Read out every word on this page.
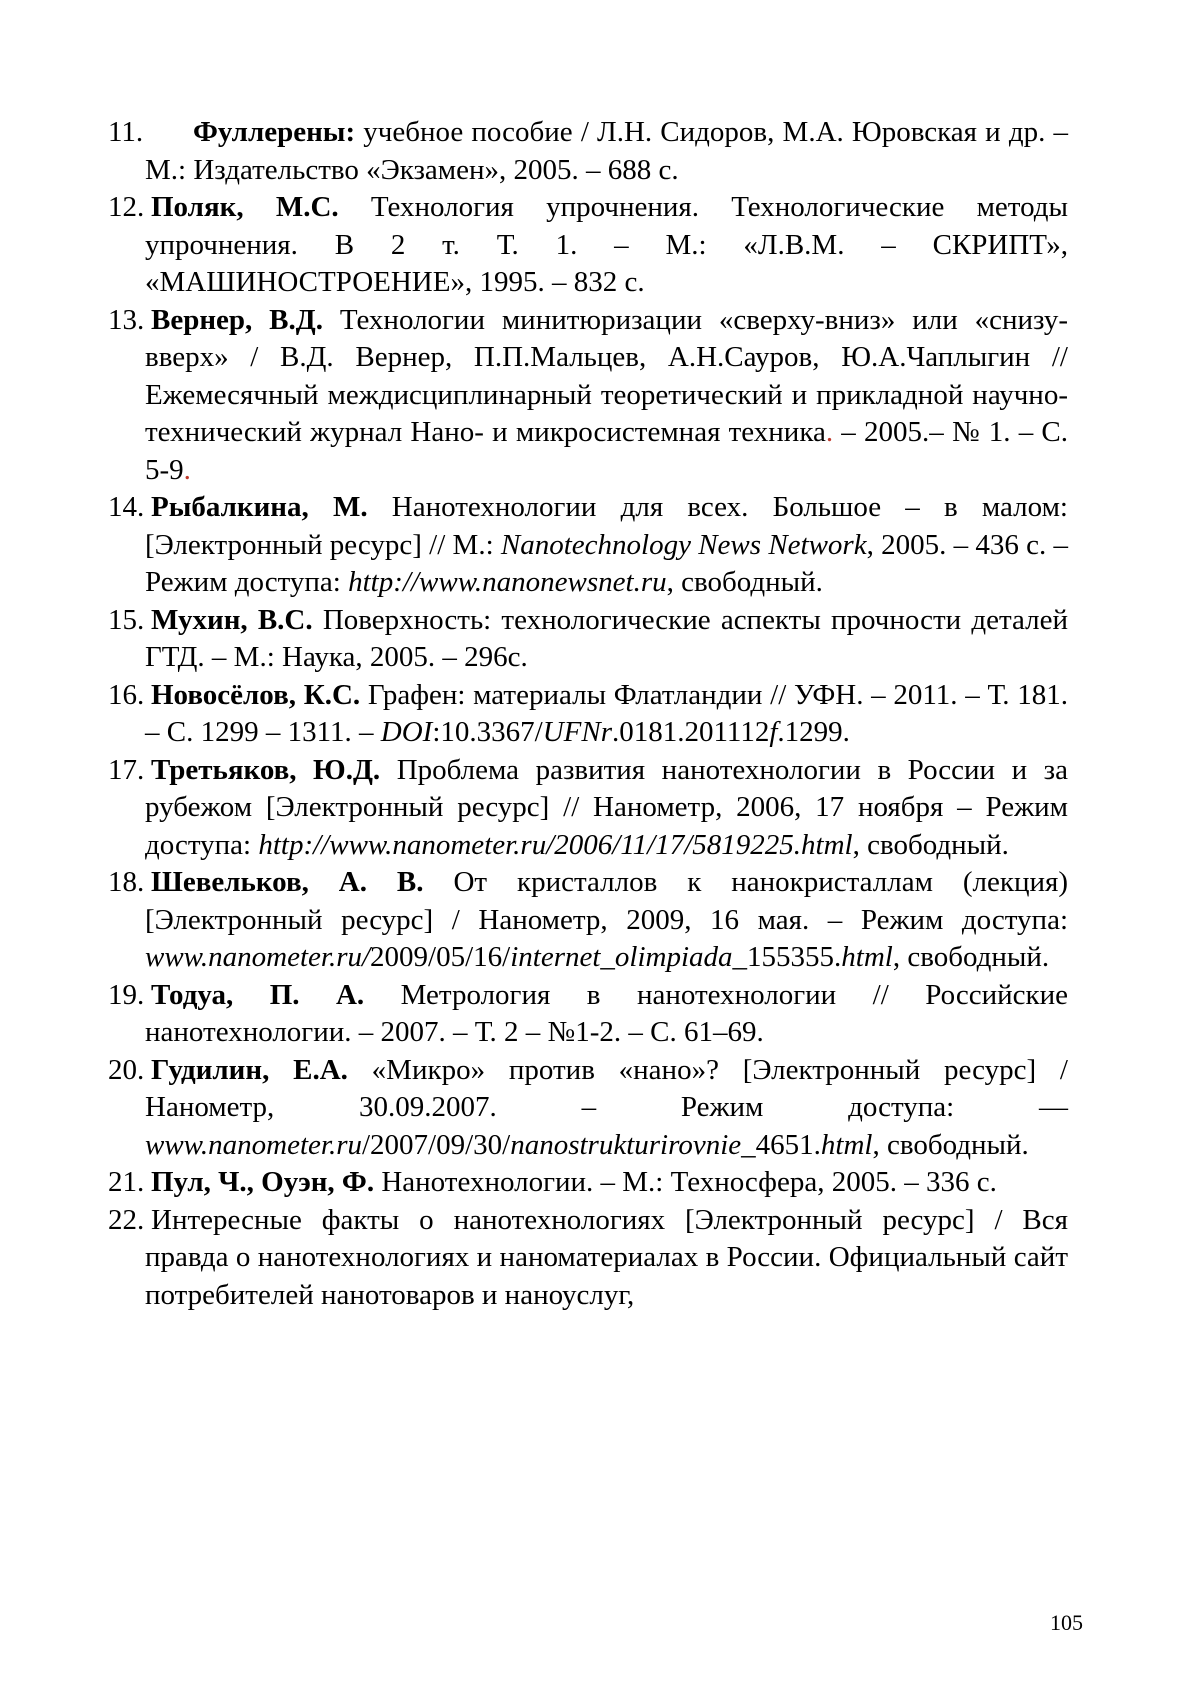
11. Фуллерены: учебное пособие / Л.Н. Сидоров, М.А. Юровская и др. – М.: Издательство «Экзамен», 2005. – 688 с.
12. Поляк, М.С. Технология упрочнения. Технологические методы упрочнения. В 2 т. Т. 1. – М.: «Л.В.М. – СКРИПТ», «МАШИНОСТРОЕНИЕ», 1995. – 832 с.
13. Вернер, В.Д. Технологии минитюризации «сверху-вниз» или «снизу-вверх» / В.Д. Вернер, П.П.Мальцев, А.Н.Сауров, Ю.А.Чаплыгин // Ежемесячный междисциплинарный теоретический и прикладной научно-технический журнал Нано- и микросистемная техника. – 2005.– № 1. – С. 5-9.
14. Рыбалкина, М. Нанотехнологии для всех. Большое – в малом: [Электронный ресурс] // М.: Nanotechnology News Network, 2005. – 436 с. – Режим доступа: http://www.nanonewsnet.ru, свободный.
15. Мухин, В.С. Поверхность: технологические аспекты прочности деталей ГТД. – М.: Наука, 2005. – 296с.
16. Новосёлов, К.С. Графен: материалы Флатландии // УФН. – 2011. – Т. 181. – С. 1299 – 1311. – DOI:10.3367/UFNr.0181.201112f.1299.
17. Третьяков, Ю.Д. Проблема развития нанотехнологии в России и за рубежом [Электронный ресурс] // Нанометр, 2006, 17 ноября – Режим доступа: http://www.nanometer.ru/2006/11/17/5819225.html, свободный.
18. Шевельков, А. В. От кристаллов к нанокристаллам (лекция) [Электронный ресурс] / Нанометр, 2009, 16 мая. – Режим доступа: www.nanometer.ru/2009/05/16/internet_olimpiada_155355.html, свободный.
19. Тодуа, П. А. Метрология в нанотехнологии // Российские нанотехнологии. – 2007. – Т. 2 – №1-2. – С. 61–69.
20. Гудилин, Е.А. «Микро» против «нано»? [Электронный ресурс] / Нанометр, 30.09.2007. – Режим доступа: — www.nanometer.ru/2007/09/30/nanostrukturirovnie_4651.html, свободный.
21. Пул, Ч., Оуэн, Ф. Нанотехнологии. – М.: Техносфера, 2005. – 336 с.
22. Интересные факты о нанотехнологиях [Электронный ресурс] / Вся правда о нанотехнологиях и наноматериалах в России. Официальный сайт потребителей нанотоваров и наноуслуг,
105
